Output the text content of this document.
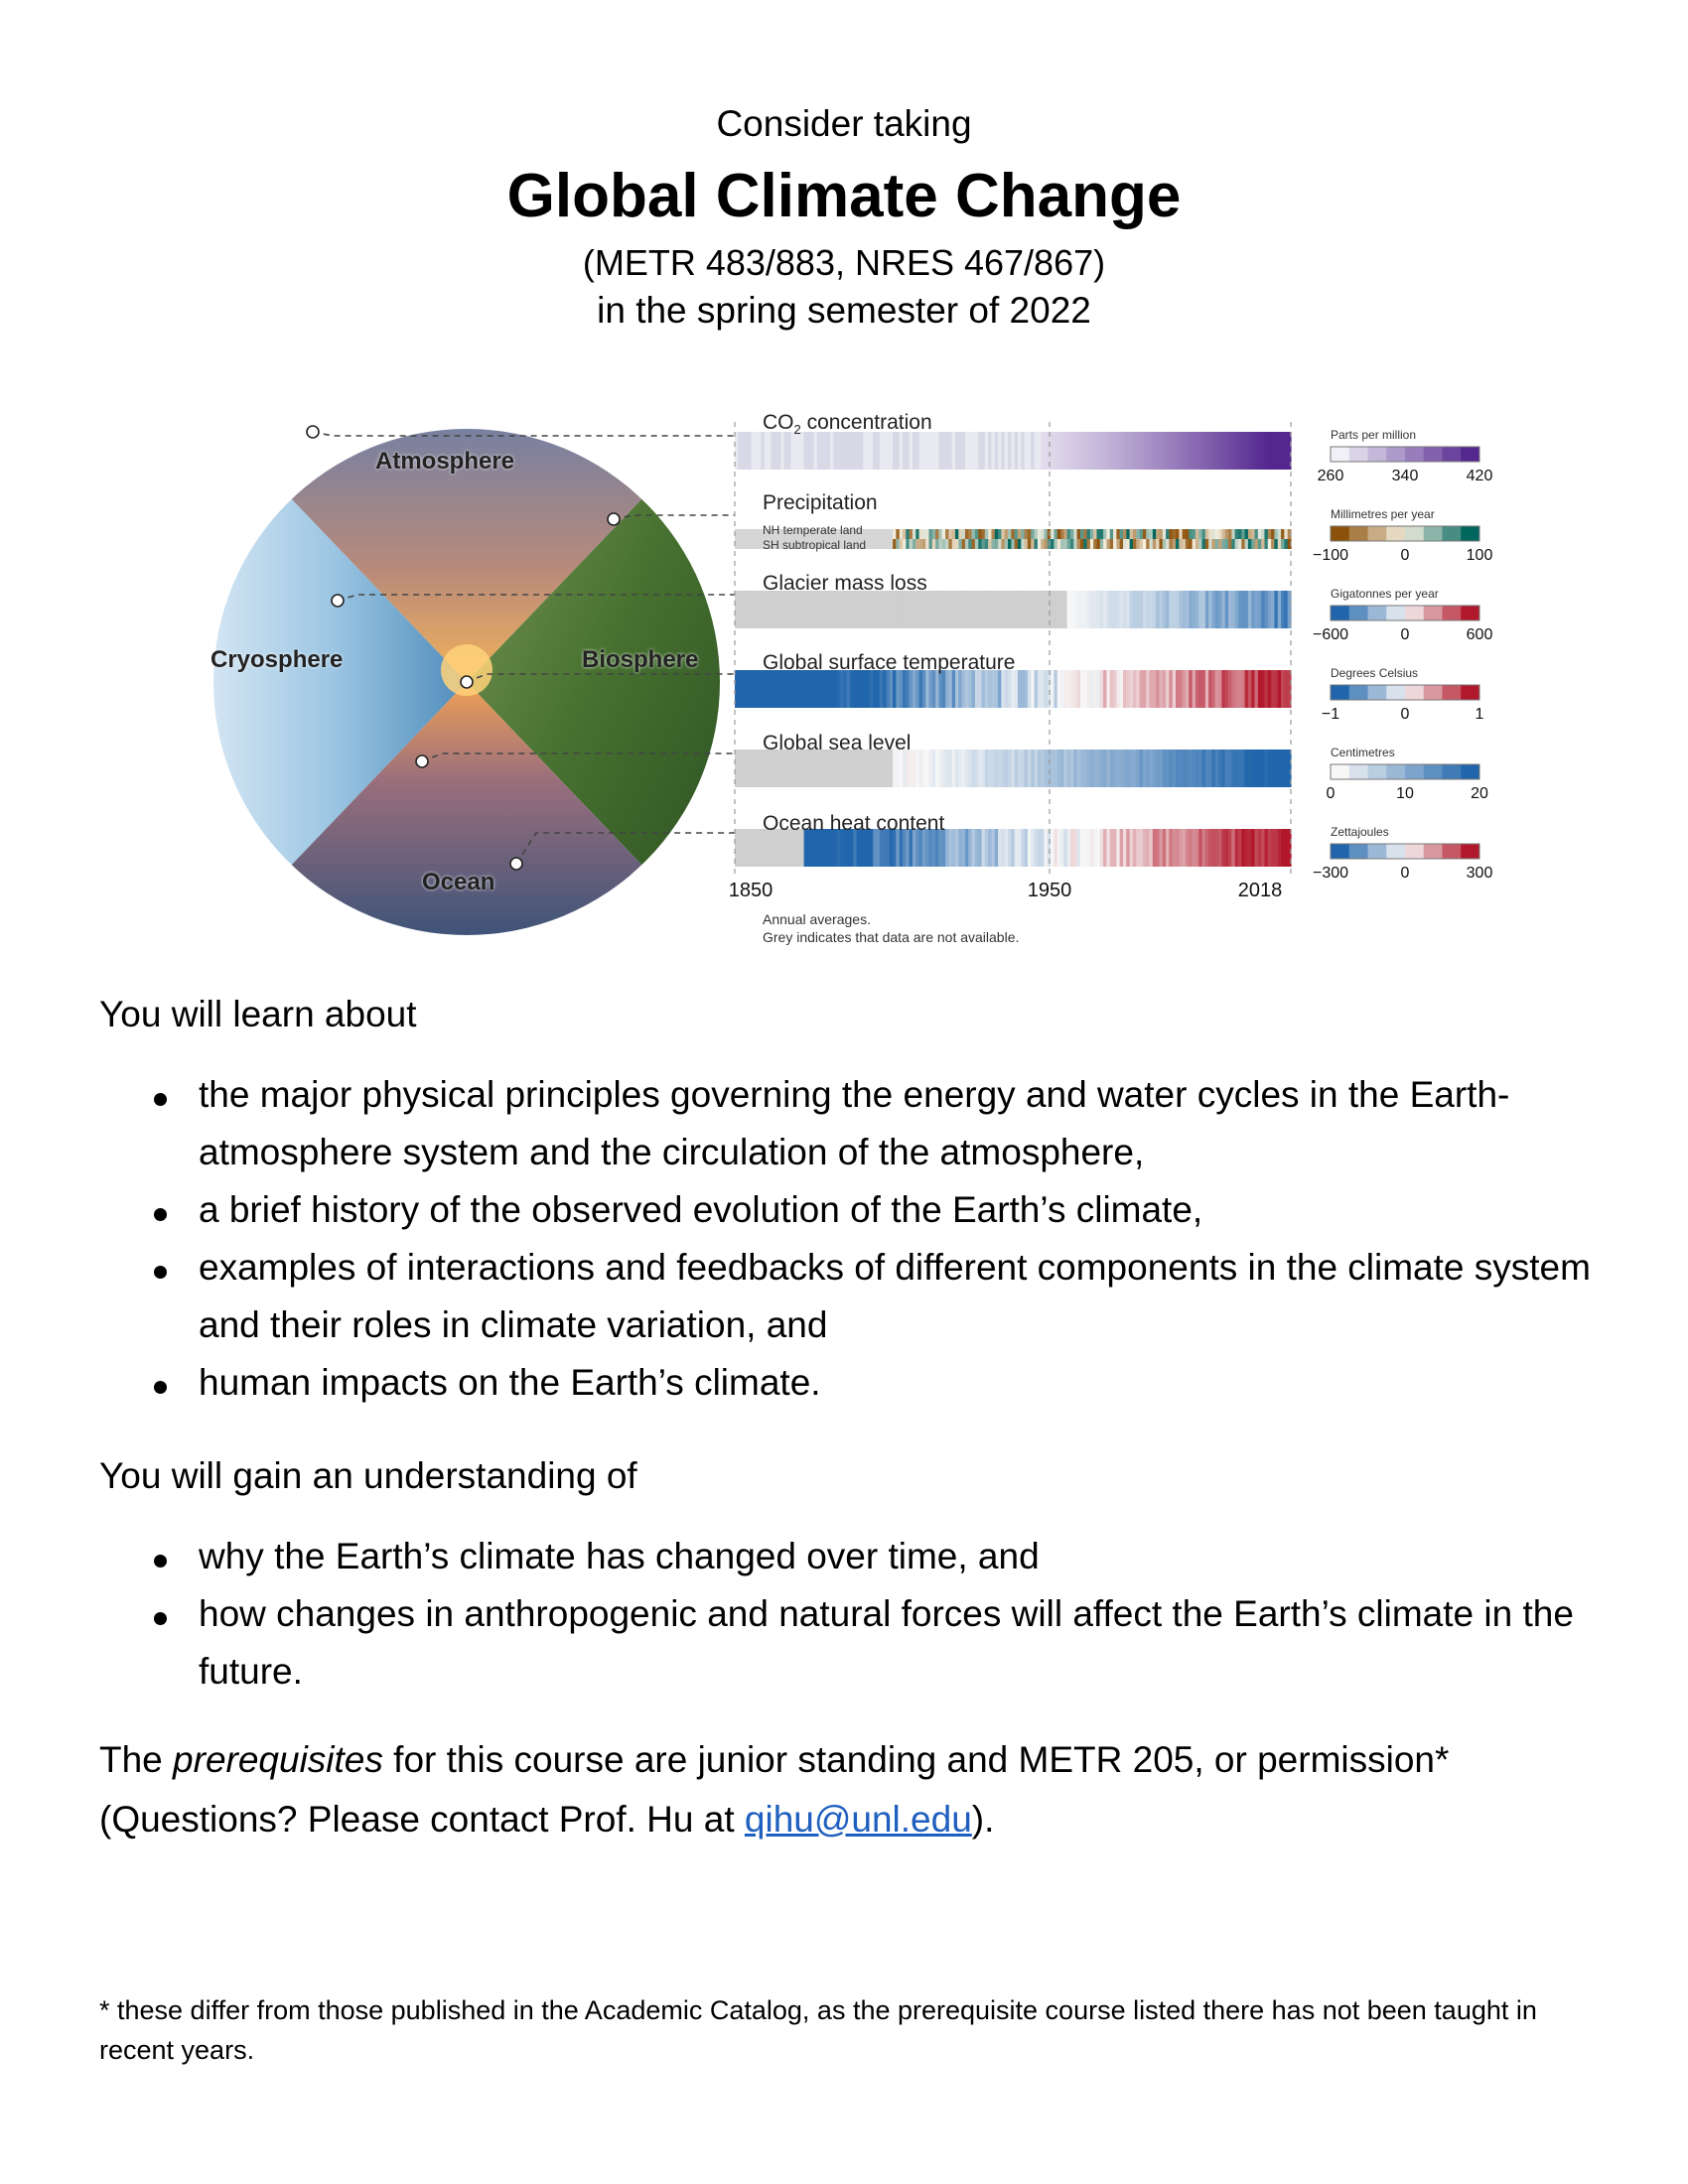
Consider taking
Global Climate Change
(METR 483/883, NRES 467/867)
in the spring semester of 2022
Atmosphere
Cryosphere	Biosphere
Ocean
$CO_2$ concentration
Precipitation
NH temperate land
SH subtropical land
Glacier mass loss
Global surface temperature
Global sea level
Ocean heat content
Parts per million
260	340	420
Millimetres per year
−100	0	100
Gigatonnes per year
−600	0	600
Degrees Celsius
−1	0	1
Centimetres
0	10	20
Zettajoules
−300	0	300
1850	1950	2018
Annual averages.
Grey indicates that data are not available.
You will learn about
the major physical principles governing the energy and water cycles in the Earth-atmosphere system and the circulation of the atmosphere,
a brief history of the observed evolution of the Earth’s climate,
examples of interactions and feedbacks of different components in the climate system and their roles in climate variation, and
human impacts on the Earth’s climate.
You will gain an understanding of
why the Earth’s climate has changed over time, and
how changes in anthropogenic and natural forces will affect the Earth’s climate in the future.
The prerequisites for this course are junior standing and METR 205, or permission* (Questions? Please contact Prof. Hu at qihu@unl.edu).
* these differ from those published in the Academic Catalog, as the prerequisite course listed there has not been taught in recent years.
